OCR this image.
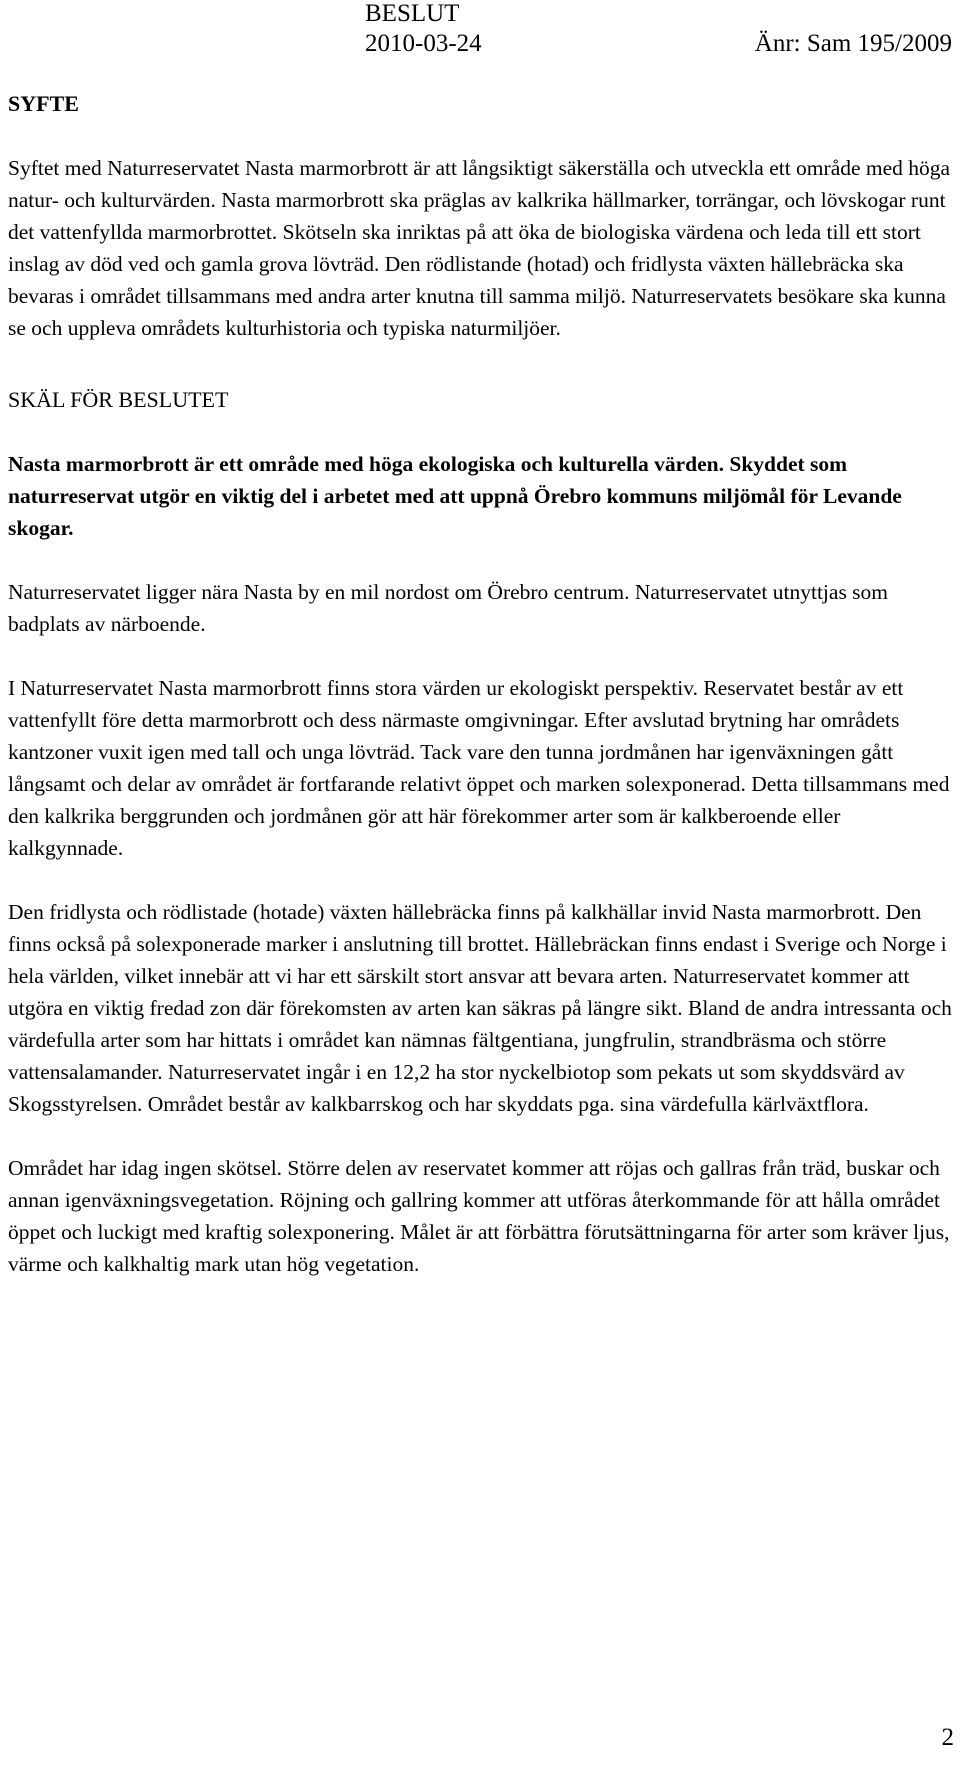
BESLUT
2010-03-24	Änr: Sam 195/2009
SYFTE

Syftet med Naturreservatet Nasta marmorbrott är att långsiktigt säkerställa och utveckla ett område med höga natur- och kulturvärden. Nasta marmorbrott ska präglas av kalkrika hällmarker, torrängar, och lövskogar runt det vattenfyllda marmorbrottet. Skötseln ska inriktas på att öka de biologiska värdena och leda till ett stort inslag av död ved och gamla grova lövträd. Den rödlistande (hotad) och fridlysta växten hällebräcka ska bevaras i området tillsammans med andra arter knutna till samma miljö. Naturreservatets besökare ska kunna se och uppleva områdets kulturhistoria och typiska naturmiljöer.

SKÄL FÖR BESLUTET

Nasta marmorbrott är ett område med höga ekologiska och kulturella värden. Skyddet som naturreservat utgör en viktig del i arbetet med att uppnå Örebro kommuns miljömål för Levande skogar.

Naturreservatet ligger nära Nasta by en mil nordost om Örebro centrum. Naturreservatet utnyttjas som badplats av närboende.

I Naturreservatet Nasta marmorbrott finns stora värden ur ekologiskt perspektiv. Reservatet består av ett vattenfyllt före detta marmorbrott och dess närmaste omgivningar. Efter avslutad brytning har områdets kantzoner vuxit igen med tall och unga lövträd. Tack vare den tunna jordmånen har igenväxningen gått långsamt och delar av området är fortfarande relativt öppet och marken solexponerad. Detta tillsammans med den kalkrika berggrunden och jordmånen gör att här förekommer arter som är kalkberoende eller kalkgynnade.

Den fridlysta och rödlistade (hotade) växten hällebräcka finns på kalkhällar invid Nasta marmorbrott. Den finns också på solexponerade marker i anslutning till brottet. Hällebräckan finns endast i Sverige och Norge i hela världen, vilket innebär att vi har ett särskilt stort ansvar att bevara arten. Naturreservatet kommer att utgöra en viktig fredad zon där förekomsten av arten kan säkras på längre sikt. Bland de andra intressanta och värdefulla arter som har hittats i området kan nämnas fältgentiana, jungfrulin, strandbräsma och större vattensalamander. Naturreservatet ingår i en 12,2 ha stor nyckelbiotop som pekats ut som skyddsvärd av Skogsstyrelsen. Området består av kalkbarrskog och har skyddats pga. sina värdefulla kärlväxtflora.

Området har idag ingen skötsel. Större delen av reservatet kommer att röjas och gallras från träd, buskar och annan igenväxningsvegetation. Röjning och gallring kommer att utföras återkommande för att hålla området öppet och luckigt med kraftig solexponering. Målet är att förbättra förutsättningarna för arter som kräver ljus, värme och kalkhaltig mark utan hög vegetation.

2
